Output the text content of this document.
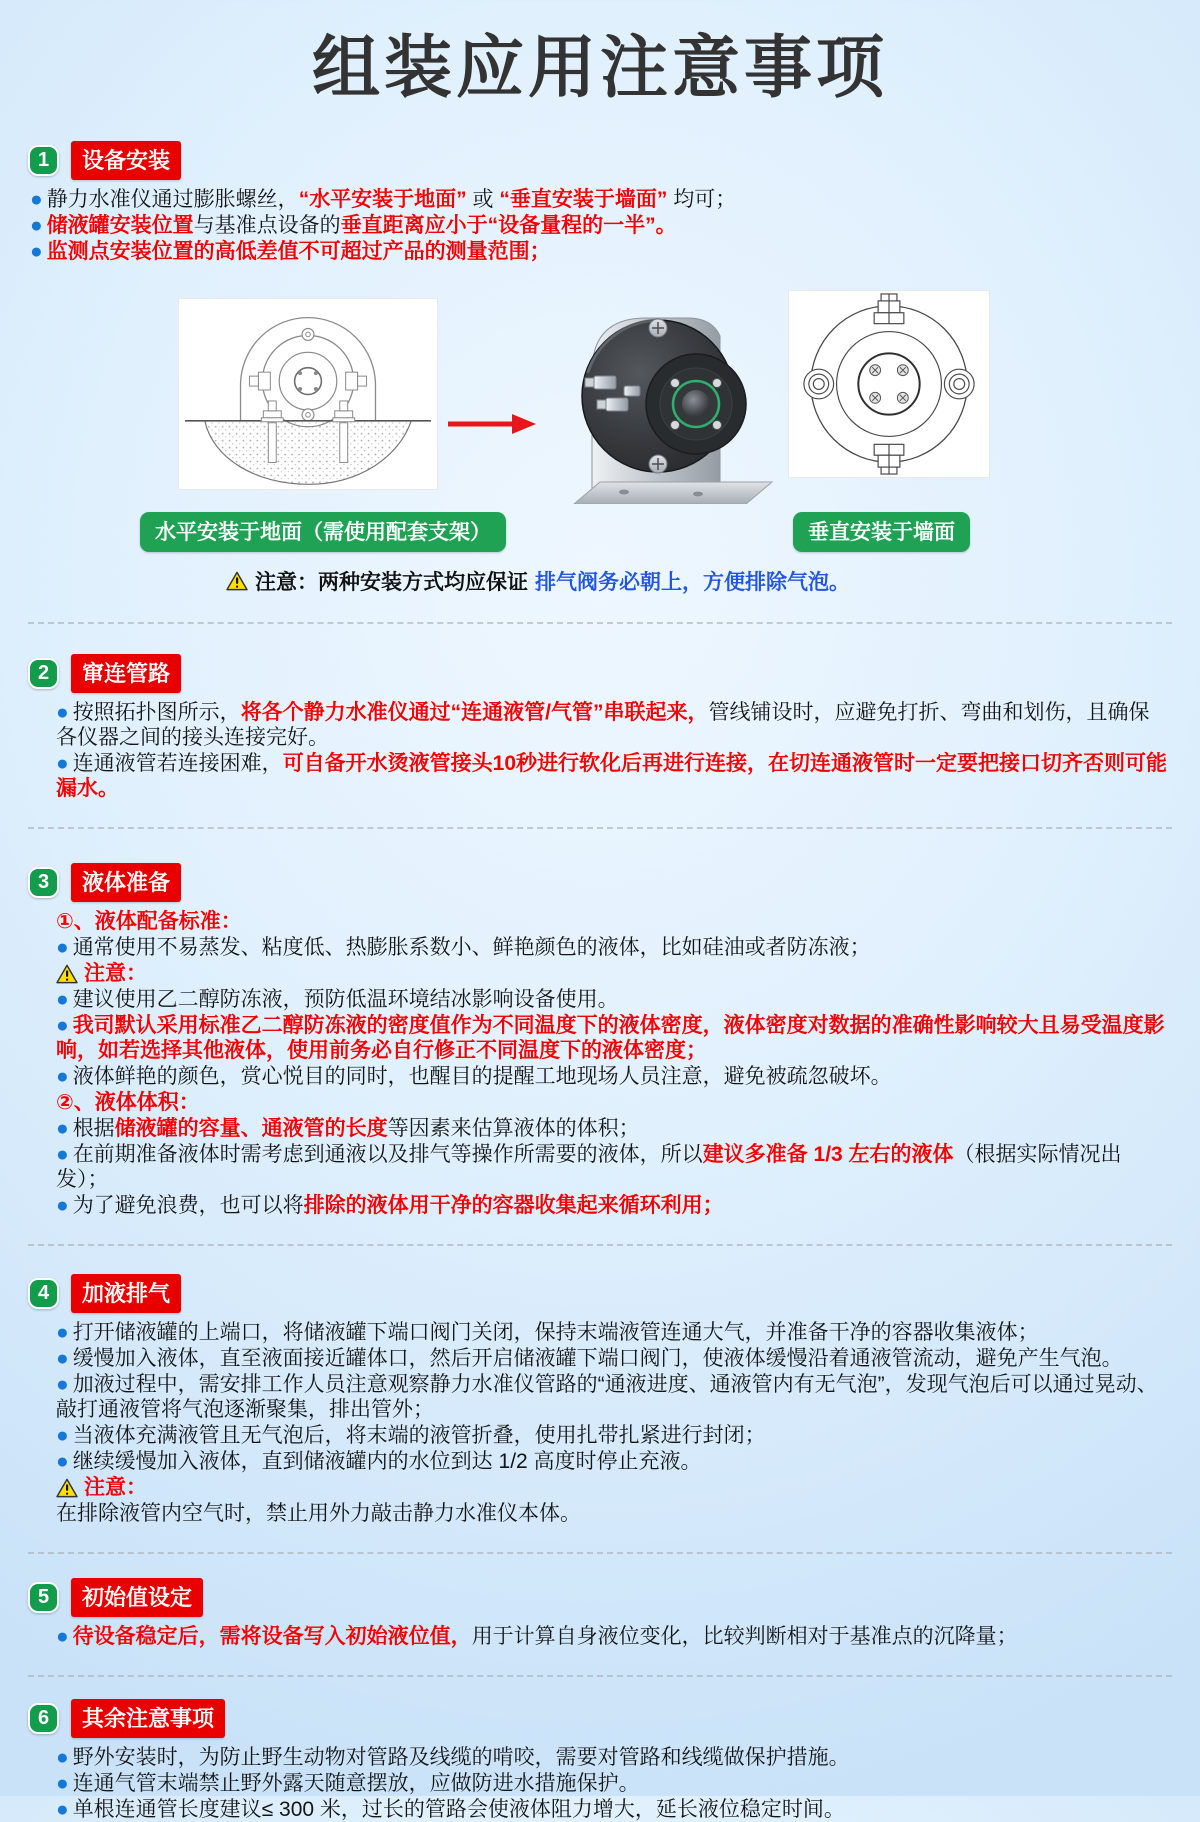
组装应用注意事项
1	设备安装
● 静力水准仪通过膨胀螺丝，“水平安装于地面” 或 “垂直安装于墙面” 均可；
● 储液罐安装位置与基准点设备的垂直距离应小于“设备量程的一半”。
● 监测点安装位置的高低差值不可超过产品的测量范围；
水平安装于地面（需使用配套支架）	垂直安装于墙面
注意：两种安装方式均应保证 排气阀务必朝上，方便排除气泡。
2	窜连管路
● 按照拓扑图所示，将各个静力水准仪通过“连通液管/气管”串联起来，管线铺设时，应避免打折、弯曲和划伤，且确保各仪器之间的接头连接完好。
● 连通液管若连接困难，可自备开水烫液管接头10秒进行软化后再进行连接，在切连通液管时一定要把接口切齐否则可能漏水。
3	液体准备
①、液体配备标准：
● 通常使用不易蒸发、粘度低、热膨胀系数小、鲜艳颜色的液体，比如硅油或者防冻液；
注意：
● 建议使用乙二醇防冻液，预防低温环境结冰影响设备使用。
● 我司默认采用标准乙二醇防冻液的密度值作为不同温度下的液体密度，液体密度对数据的准确性影响较大且易受温度影响，如若选择其他液体，使用前务必自行修正不同温度下的液体密度；
● 液体鲜艳的颜色，赏心悦目的同时，也醒目的提醒工地现场人员注意，避免被疏忽破坏。
②、液体体积：
● 根据储液罐的容量、通液管的长度等因素来估算液体的体积；
● 在前期准备液体时需考虑到通液以及排气等操作所需要的液体，所以建议多准备 1/3 左右的液体（根据实际情况出发）；
● 为了避免浪费，也可以将排除的液体用干净的容器收集起来循环利用；
4	加液排气
● 打开储液罐的上端口，将储液罐下端口阀门关闭，保持末端液管连通大气，并准备干净的容器收集液体；
● 缓慢加入液体，直至液面接近罐体口，然后开启储液罐下端口阀门，使液体缓慢沿着通液管流动，避免产生气泡。
● 加液过程中，需安排工作人员注意观察静力水准仪管路的“通液进度、通液管内有无气泡”，发现气泡后可以通过晃动、敲打通液管将气泡逐渐聚集，排出管外；
● 当液体充满液管且无气泡后，将末端的液管折叠，使用扎带扎紧进行封闭；
● 继续缓慢加入液体，直到储液罐内的水位到达 1/2 高度时停止充液。
注意：
在排除液管内空气时，禁止用外力敲击静力水准仪本体。
5	初始值设定
● 待设备稳定后，需将设备写入初始液位值，用于计算自身液位变化，比较判断相对于基准点的沉降量；
6	其余注意事项
● 野外安装时，为防止野生动物对管路及线缆的啃咬，需要对管路和线缆做保护措施。
● 连通气管末端禁止野外露天随意摆放，应做防进水措施保护。
● 单根连通管长度建议≤ 300 米，过长的管路会使液体阻力增大，延长液位稳定时间。
